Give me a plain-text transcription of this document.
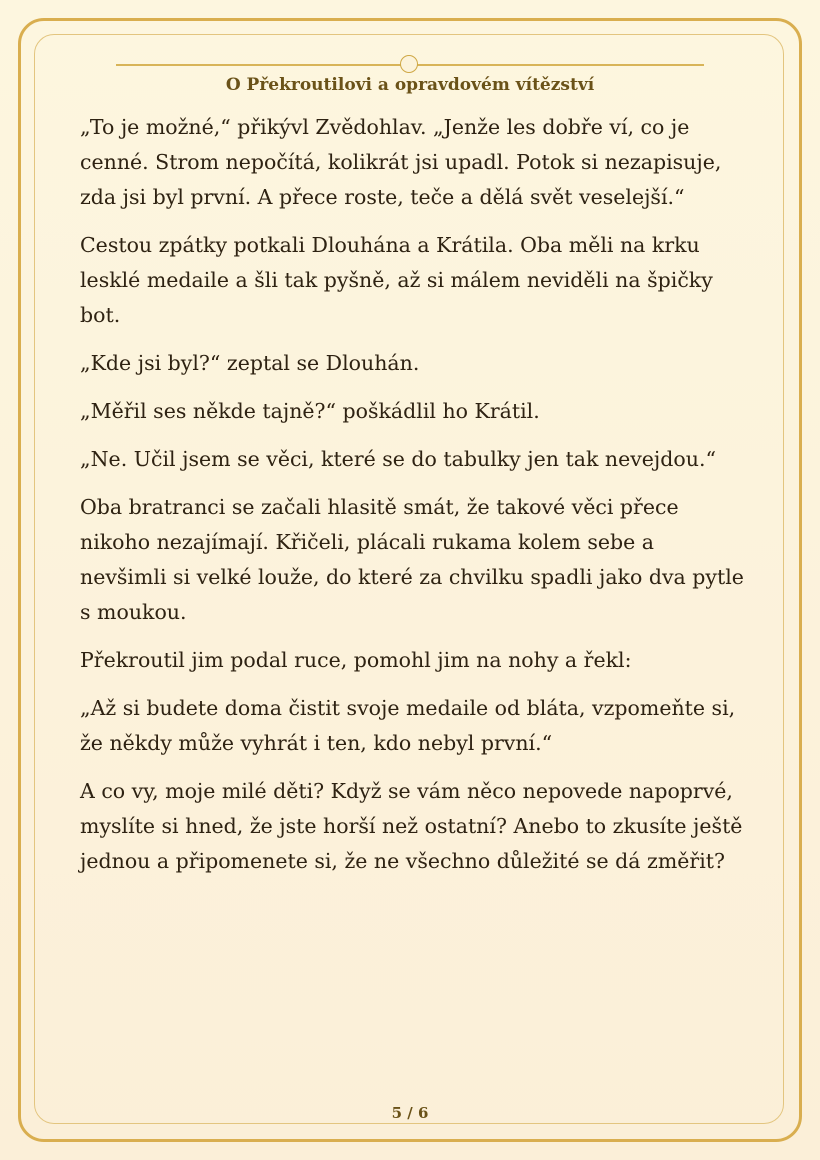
O Překroutilovi a opravdovém vítězství

„To je možné,“ přikývl Zvědohlav. „Jenže les dobře ví, co je cenné. Strom nepočítá, kolikrát jsi upadl. Potok si nezapisuje, zda jsi byl první. A přece roste, teče a dělá svět veselejší.“

Cestou zpátky potkali Dlouhána a Krátila. Oba měli na krku lesklé medaile a šli tak pyšně, až si málem neviděli na špičky bot.

„Kde jsi byl?“ zeptal se Dlouhán.

„Měřil ses někde tajně?“ poškádlil ho Krátil.

„Ne. Učil jsem se věci, které se do tabulky jen tak nevejdou.“

Oba bratranci se začali hlasitě smát, že takové věci přece nikoho nezajímají. Křičeli, plácali rukama kolem sebe a nevšimli si velké louže, do které za chvilku spadli jako dva pytle s moukou.

Překroutil jim podal ruce, pomohl jim na nohy a řekl:

„Až si budete doma čistit svoje medaile od bláta, vzpomeňte si, že někdy může vyhrát i ten, kdo nebyl první.“

A co vy, moje milé děti? Když se vám něco nepovede napoprvé, myslíte si hned, že jste horší než ostatní? Anebo to zkusíte ještě jednou a připomenete si, že ne všechno důležité se dá změřit?

5 / 6
